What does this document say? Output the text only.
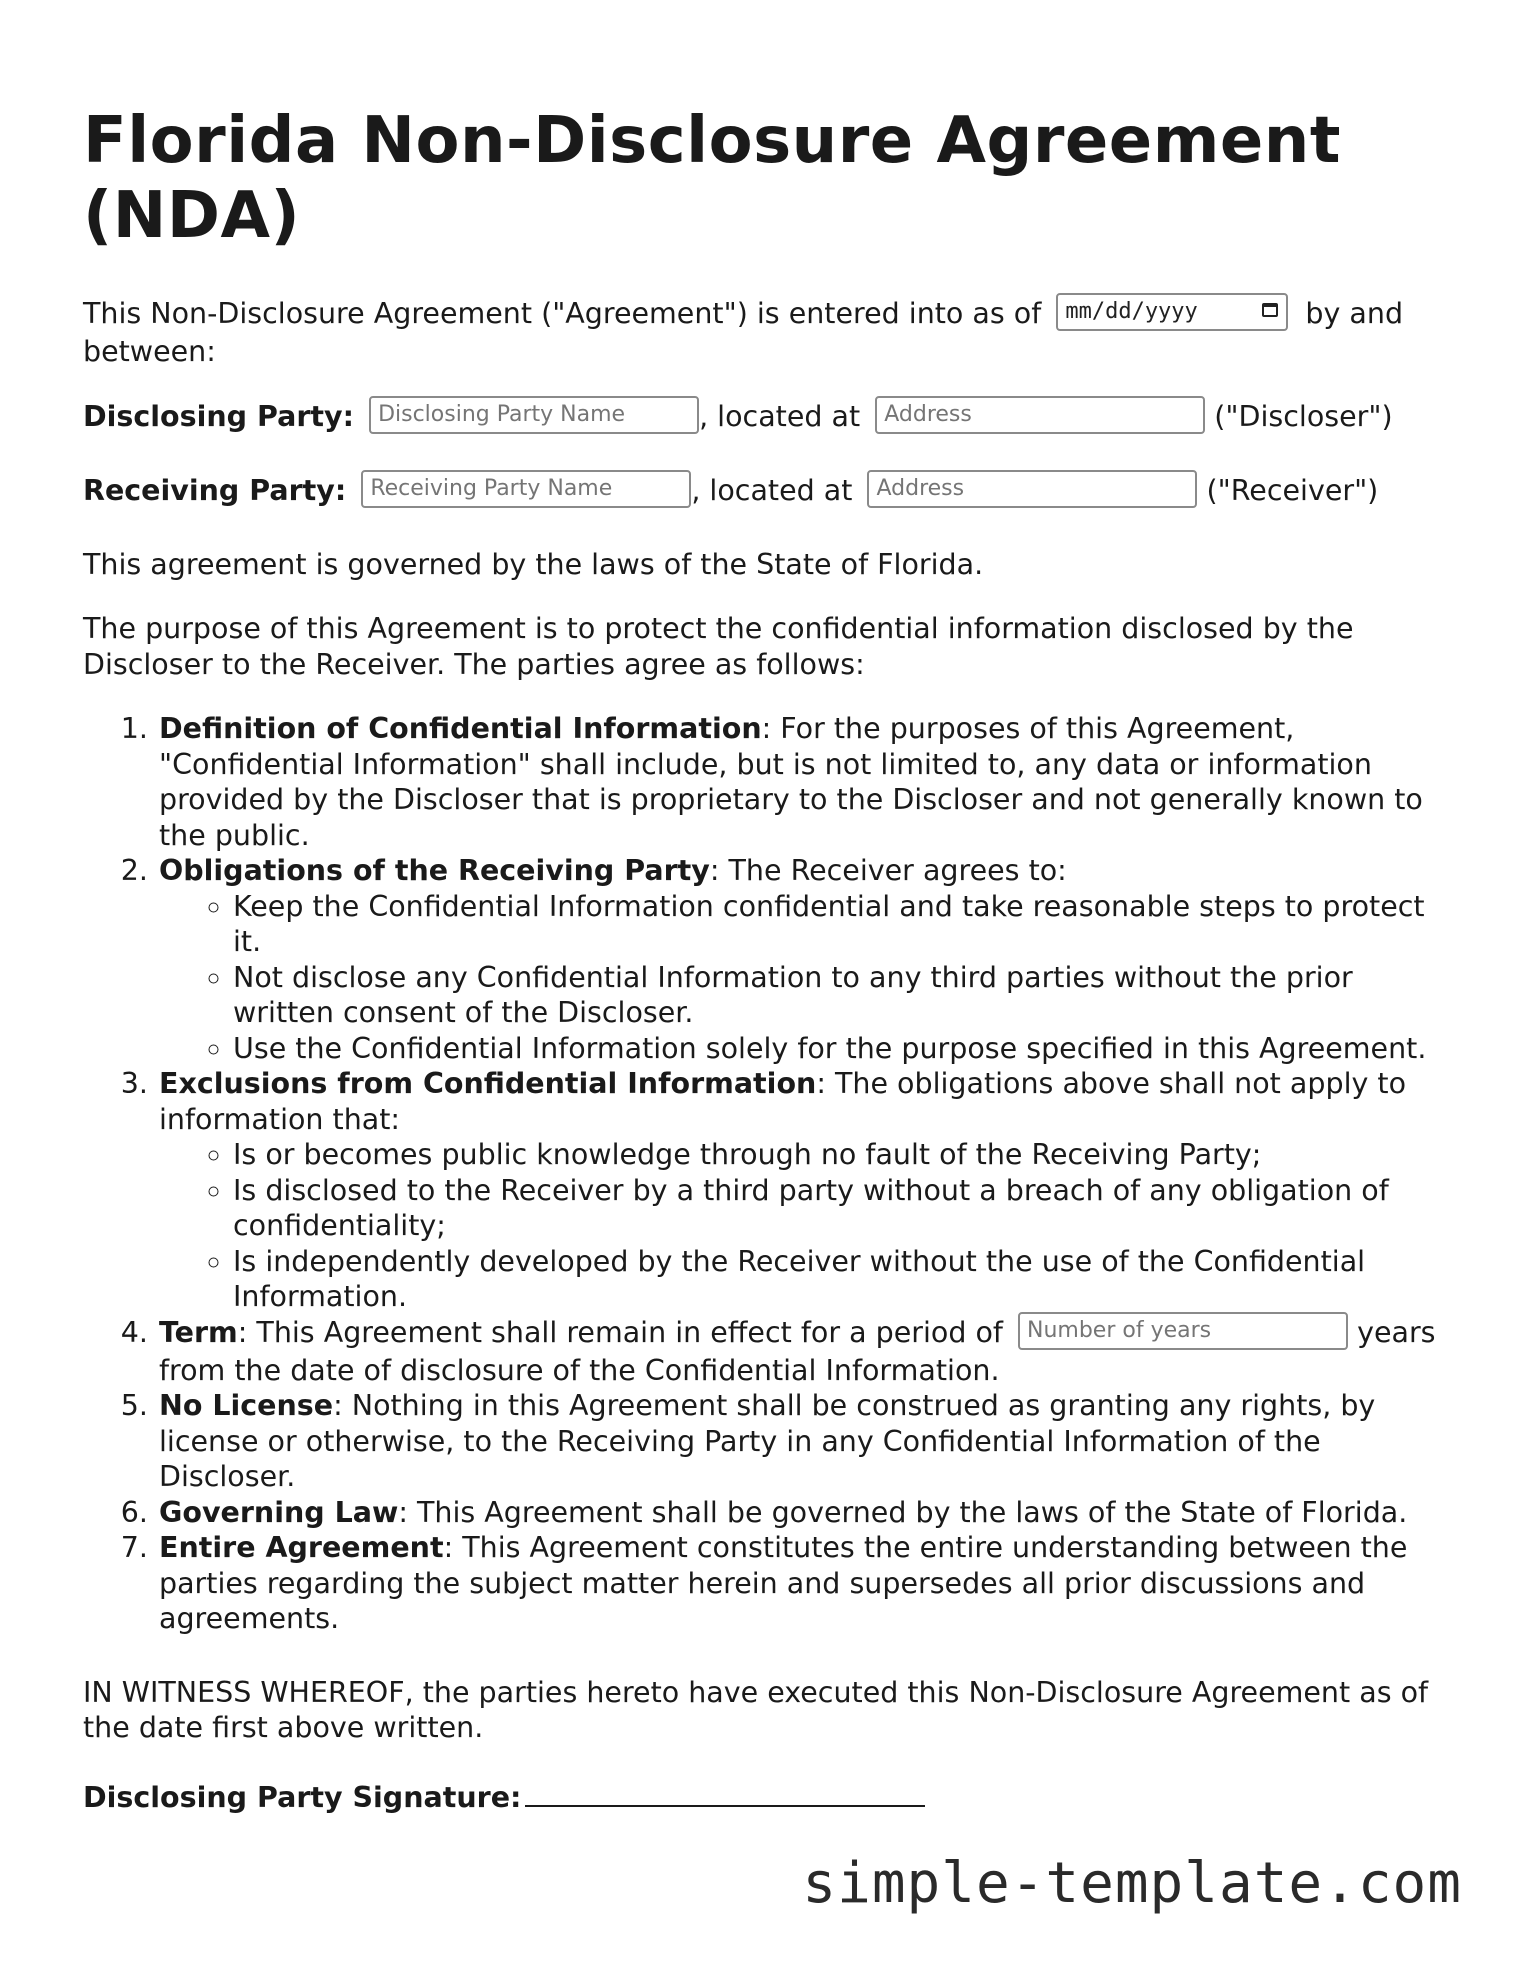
Florida Non-Disclosure Agreement (NDA)

This Non-Disclosure Agreement ("Agreement") is entered into as of mm/dd/yyyy	by and between:

Disclosing Party: Disclosing Party Name	, located at Address	("Discloser")

Receiving Party: Receiving Party Name	, located at Address	("Receiver")

This agreement is governed by the laws of the State of Florida.

The purpose of this Agreement is to protect the confidential information disclosed by the Discloser to the Receiver. The parties agree as follows:

1. Definition of Confidential Information: For the purposes of this Agreement, "Confidential Information" shall include, but is not limited to, any data or information provided by the Discloser that is proprietary to the Discloser and not generally known to the public.
2. Obligations of the Receiving Party: The Receiver agrees to:
◦ Keep the Confidential Information confidential and take reasonable steps to protect it.
◦ Not disclose any Confidential Information to any third parties without the prior written consent of the Discloser.
◦ Use the Confidential Information solely for the purpose specified in this Agreement.
3. Exclusions from Confidential Information: The obligations above shall not apply to information that:
◦ Is or becomes public knowledge through no fault of the Receiving Party;
◦ Is disclosed to the Receiver by a third party without a breach of any obligation of confidentiality;
◦ Is independently developed by the Receiver without the use of the Confidential Information.
4. Term: This Agreement shall remain in effect for a period of Number of years	years from the date of disclosure of the Confidential Information.
5. No License: Nothing in this Agreement shall be construed as granting any rights, by license or otherwise, to the Receiving Party in any Confidential Information of the Discloser.
6. Governing Law: This Agreement shall be governed by the laws of the State of Florida.
7. Entire Agreement: This Agreement constitutes the entire understanding between the parties regarding the subject matter herein and supersedes all prior discussions and agreements.

IN WITNESS WHEREOF, the parties hereto have executed this Non-Disclosure Agreement as of the date first above written.

Disclosing Party Signature:

simple-template.com
